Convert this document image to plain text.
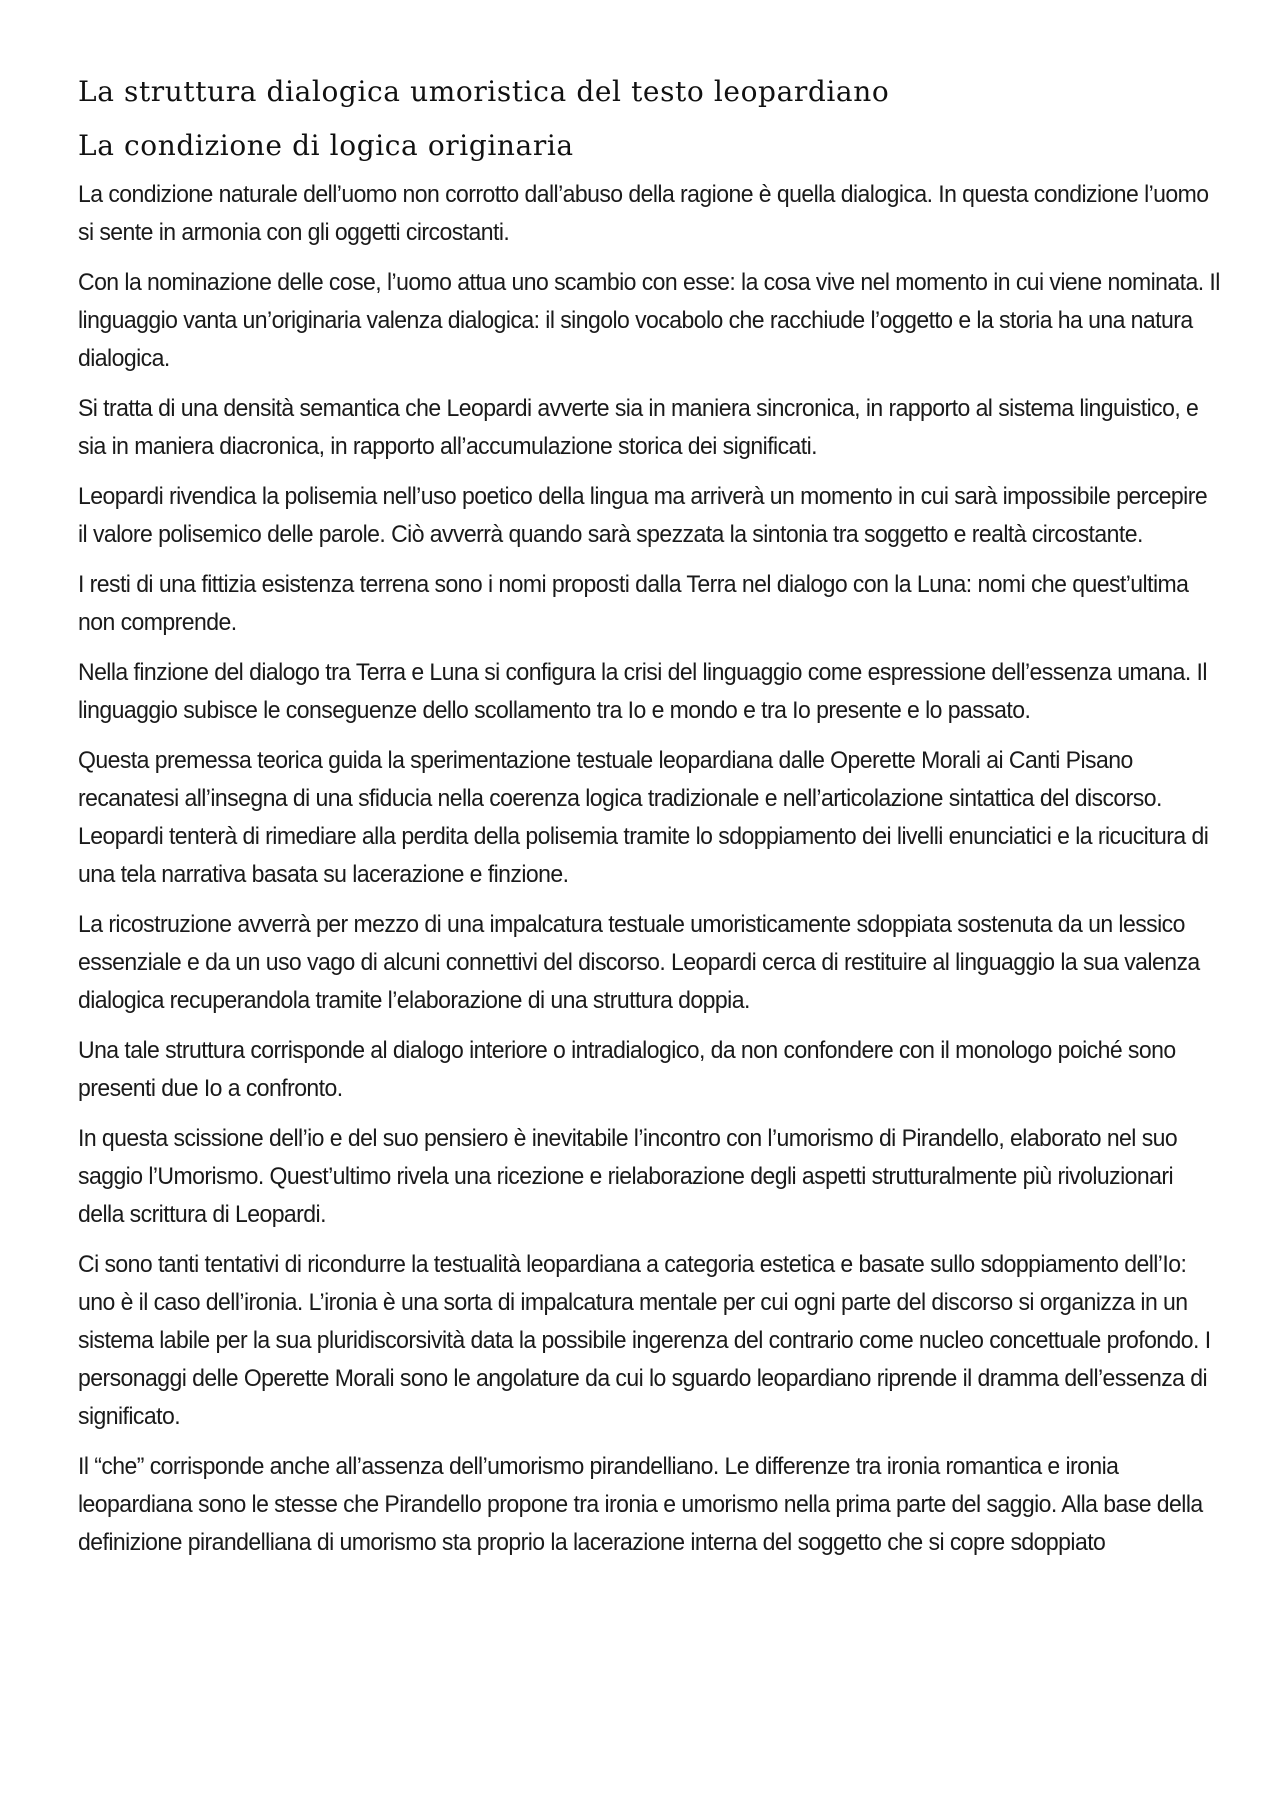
La struttura dialogica umoristica del testo leopardiano
La condizione di logica originaria

La condizione naturale dell’uomo non corrotto dall’abuso della ragione è quella dialogica. In questa condizione l’uomo si sente in armonia con gli oggetti circostanti.

Con la nominazione delle cose, l’uomo attua uno scambio con esse: la cosa vive nel momento in cui viene nominata. Il linguaggio vanta un’originaria valenza dialogica: il singolo vocabolo che racchiude l’oggetto e la storia ha una natura dialogica.

Si tratta di una densità semantica che Leopardi avverte sia in maniera sincronica, in rapporto al sistema linguistico, e sia in maniera diacronica, in rapporto all’accumulazione storica dei significati.

Leopardi rivendica la polisemia nell’uso poetico della lingua ma arriverà un momento in cui sarà impossibile percepire il valore polisemico delle parole. Ciò avverrà quando sarà spezzata la sintonia tra soggetto e realtà circostante.

I resti di una fittizia esistenza terrena sono i nomi proposti dalla Terra nel dialogo con la Luna: nomi che quest’ultima non comprende.

Nella finzione del dialogo tra Terra e Luna si configura la crisi del linguaggio come espressione dell’essenza umana. Il linguaggio subisce le conseguenze dello scollamento tra Io e mondo e tra Io presente e lo passato.

Questa premessa teorica guida la sperimentazione testuale leopardiana dalle Operette Morali ai Canti Pisano recanatesi all’insegna di una sfiducia nella coerenza logica tradizionale e nell’articolazione sintattica del discorso. Leopardi tenterà di rimediare alla perdita della polisemia tramite lo sdoppiamento dei livelli enunciatici e la ricucitura di una tela narrativa basata su lacerazione e finzione.

La ricostruzione avverrà per mezzo di una impalcatura testuale umoristicamente sdoppiata sostenuta da un lessico essenziale e da un uso vago di alcuni connettivi del discorso. Leopardi cerca di restituire al linguaggio la sua valenza dialogica recuperandola tramite l’elaborazione di una struttura doppia.

Una tale struttura corrisponde al dialogo interiore o intradialogico, da non confondere con il monologo poiché sono presenti due Io a confronto.

In questa scissione dell’io e del suo pensiero è inevitabile l’incontro con l’umorismo di Pirandello, elaborato nel suo saggio l’Umorismo. Quest’ultimo rivela una ricezione e rielaborazione degli aspetti strutturalmente più rivoluzionari della scrittura di Leopardi.

Ci sono tanti tentativi di ricondurre la testualità leopardiana a categoria estetica e basate sullo sdoppiamento dell’Io: uno è il caso dell’ironia. L’ironia è una sorta di impalcatura mentale per cui ogni parte del discorso si organizza in un sistema labile per la sua pluridiscorsività data la possibile ingerenza del contrario come nucleo concettuale profondo. I personaggi delle Operette Morali sono le angolature da cui lo sguardo leopardiano riprende il dramma dell’essenza di significato.

Il “che” corrisponde anche all’assenza dell’umorismo pirandelliano. Le differenze tra ironia romantica e ironia leopardiana sono le stesse che Pirandello propone tra ironia e umorismo nella prima parte del saggio. Alla base della definizione pirandelliana di umorismo sta proprio la lacerazione interna del soggetto che si copre sdoppiato
